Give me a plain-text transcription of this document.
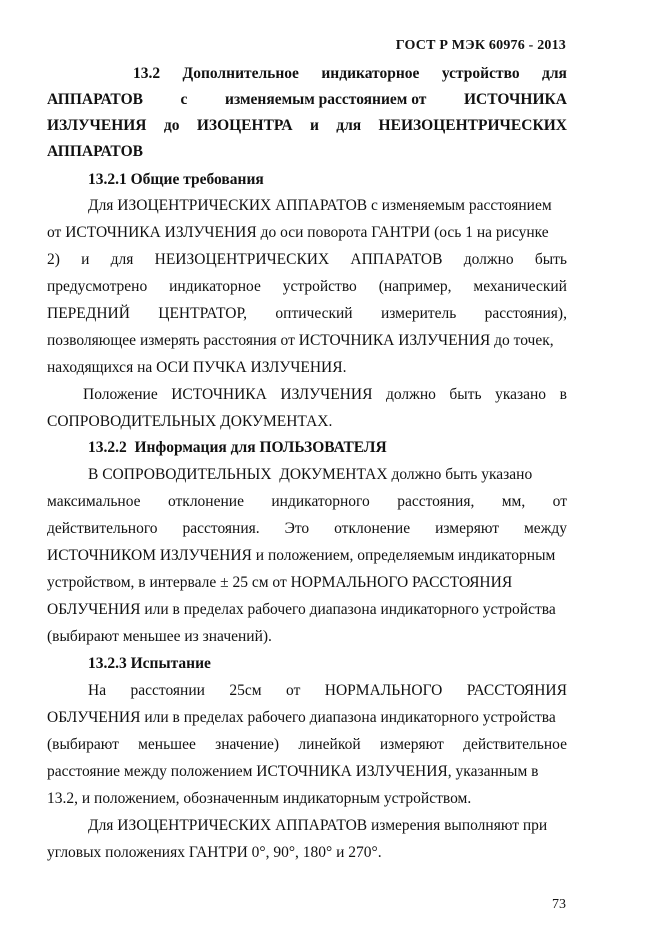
ГОСТ Р МЭК 60976 - 2013
13.2 Дополнительное индикаторное устройство для
АППАРАТОВ с изменяемым расстоянием от ИСТОЧНИКА
ИЗЛУЧЕНИЯ до ИЗОЦЕНТРА и для НЕИЗОЦЕНТРИЧЕСКИХ
АППАРАТОВ
13.2.1 Общие требования
Для ИЗОЦЕНТРИЧЕСКИХ АППАРАТОВ с изменяемым расстоянием
от ИСТОЧНИКА ИЗЛУЧЕНИЯ до оси поворота ГАНТРИ (ось 1 на рисунке
2) и для НЕИЗОЦЕНТРИЧЕСКИХ АППАРАТОВ должно быть
предусмотрено индикаторное устройство (например, механический
ПЕРЕДНИЙ ЦЕНТРАТОР, оптический измеритель расстояния),
позволяющее измерять расстояния от ИСТОЧНИКА ИЗЛУЧЕНИЯ до точек,
находящихся на ОСИ ПУЧКА ИЗЛУЧЕНИЯ.
Положение ИСТОЧНИКА ИЗЛУЧЕНИЯ должно быть указано в
СОПРОВОДИТЕЛЬНЫХ ДОКУМЕНТАХ.
13.2.2  Информация для ПОЛЬЗОВАТЕЛЯ
В СОПРОВОДИТЕЛЬНЫХ  ДОКУМЕНТАХ должно быть указано
максимальное отклонение индикаторного расстояния, мм, от
действительного расстояния. Это отклонение измеряют между
ИСТОЧНИКОМ ИЗЛУЧЕНИЯ и положением, определяемым индикаторным
устройством, в интервале ± 25 см от НОРМАЛЬНОГО РАССТОЯНИЯ
ОБЛУЧЕНИЯ или в пределах рабочего диапазона индикаторного устройства
(выбирают меньшее из значений).
13.2.3 Испытание
На расстоянии 25см от НОРМАЛЬНОГО РАССТОЯНИЯ
ОБЛУЧЕНИЯ или в пределах рабочего диапазона индикаторного устройства
(выбирают меньшее значение) линейкой измеряют действительное
расстояние между положением ИСТОЧНИКА ИЗЛУЧЕНИЯ, указанным в
13.2, и положением, обозначенным индикаторным устройством.
Для ИЗОЦЕНТРИЧЕСКИХ АППАРАТОВ измерения выполняют при
угловых положениях ГАНТРИ 0°, 90°, 180° и 270°.
73
